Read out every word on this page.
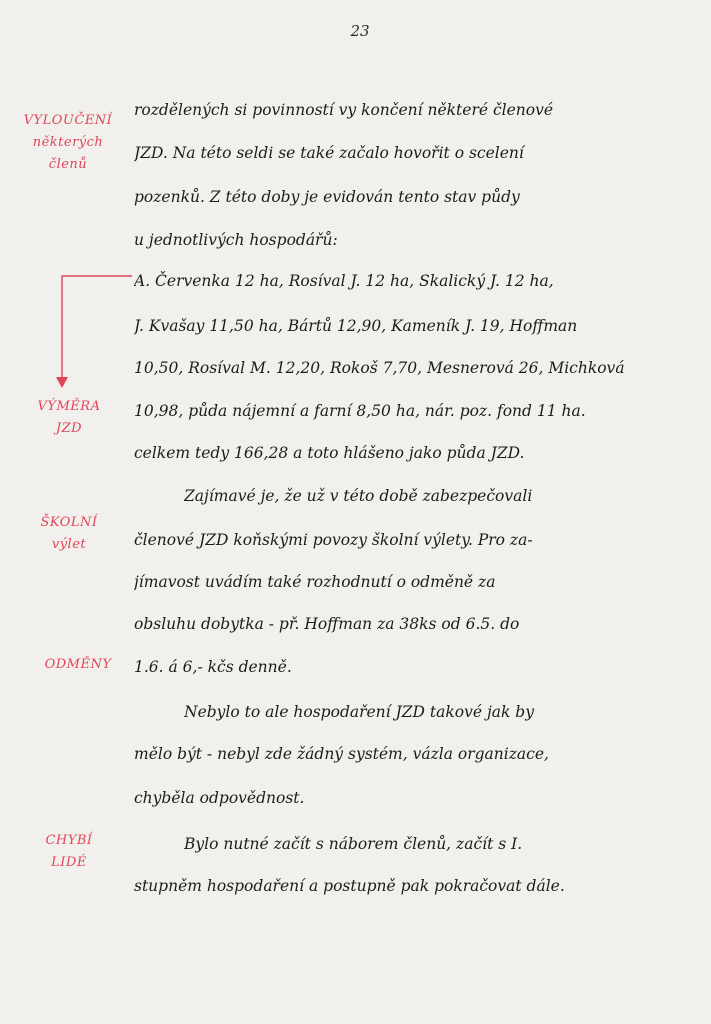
23
rozdělených si povinností vy končení některé členové
JZD. Na této seldi se také začalo hovořit o scelení
pozenků. Z této doby je evidován tento stav půdy
u jednotlivých hospodářů:
A. Červenka 12 ha, Rosíval J. 12 ha, Skalický J. 12 ha,
J. Kvašay 11,50 ha, Bártů 12,90, Kameník J. 19, Hoffman
10,50, Rosíval M. 12,20, Rokoš 7,70, Mesnerová 26, Michková
10,98, půda nájemní a farní 8,50 ha, nár. poz. fond 11 ha.
celkem tedy 166,28 a toto hlášeno jako půda JZD.
Zajímavé je, že už v této době zabezpečovali
členové JZD koňskými povozy školní výlety. Pro za-
jímavost uvádím také rozhodnutí o odměně za
obsluhu dobytka - př. Hoffman za 38ks od 6.5. do
1.6. á 6,- kčs denně.
Nebylo to ale hospodaření JZD takové jak by
mělo být - nebyl zde žádný systém, vázla organizace,
chyběla odpovědnost.
Bylo nutné začít s náborem členů, začít s I.
stupněm hospodaření a postupně pak pokračovat dále.
VYLOUČENÍ
některých
členů
VÝMĚRA
JZD
ŠKOLNÍ
výlet
ODMĚNY
CHYBÍ
LIDÉ
